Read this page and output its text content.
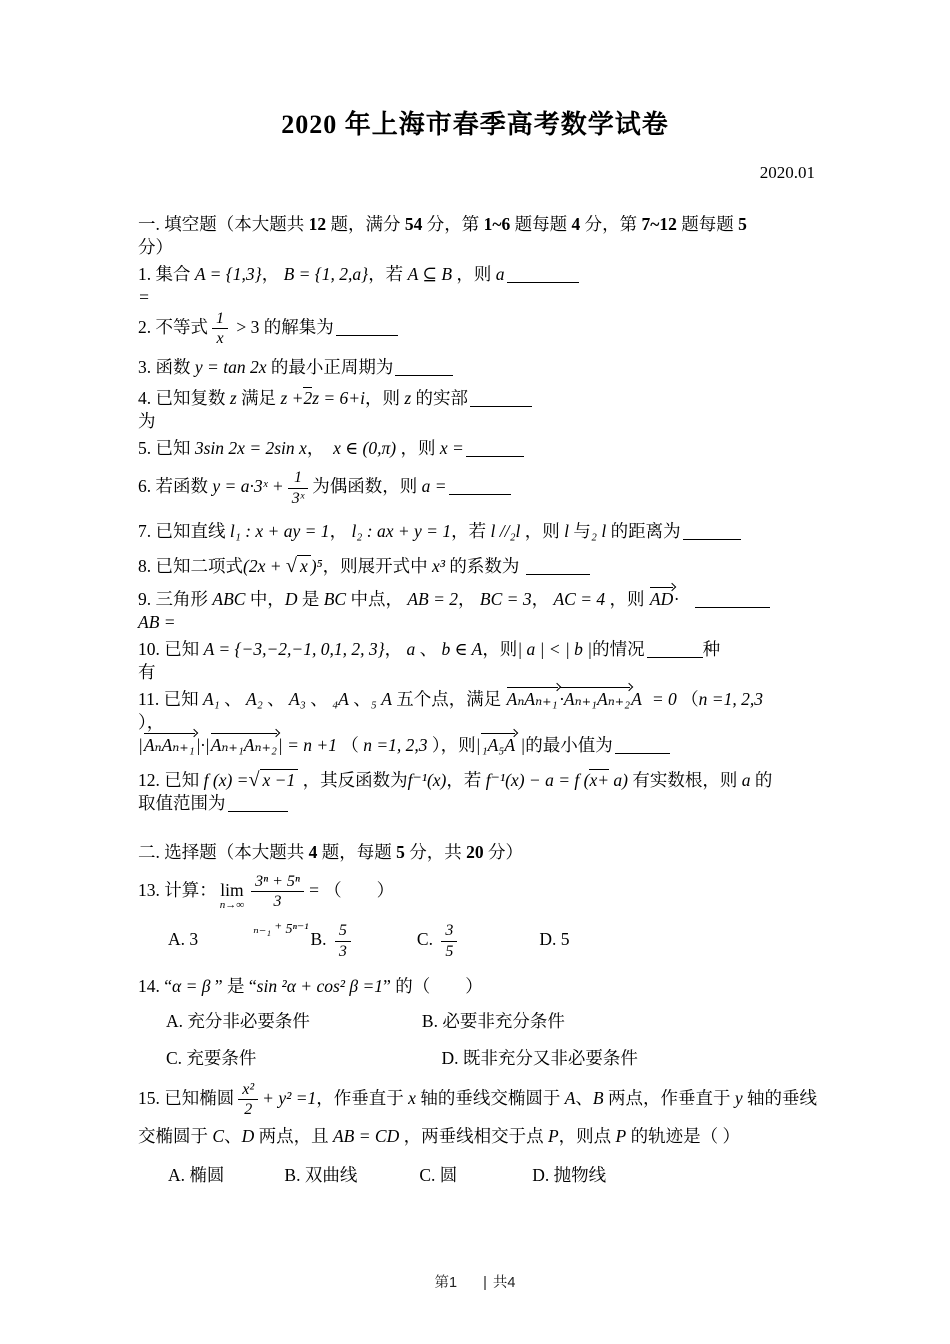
2020 年上海市春季高考数学试卷
2020.01
一. 填空题（本大题共 12 题，满分 54 分，第 1~6 题每题 4 分，第 7~12 题每题 5
分）
1. 集合 A = {1,3}， B = {1, 2,a}，若 A ⊆ B ，则 a
=
2. 不等式 $\frac{1}{x} > 3$ 的解集为
3. 函数 y = tan 2x 的最小正周期为
4. 已知复数 z 满足 z +2z = 6+i，则 z 的实部
为
5. 已知 3sin 2x = 2sin x，　x ∈ (0,π) ，则 x =
6. 若函数 y = a·3ˣ + $\frac{1}{\text{3ˣ}}$ 为偶函数，则 a =
7. 已知直线 l₁ : x + ay = 1， l₂ : ax + y = 1，若 l //₂l ，则 l 与₂ l 的距离为
8. 已知二项式(2x + √ x )⁵，则展开式中 x³ 的系数为
9. 三角形 ABC 中，D 是 BC 中点， AB = 2， BC = 3， AC = 4 ，则 AD·
AB =
10. 已知 A = {−3,−2,−1, 0,1, 2, 3}， a 、 b ∈ A，则| a | < | b |的情况	种
有
11. 已知 A₁ 、 A₂ 、 A₃ 、 ₄A 、₅ A 五个点，满足 AₙAₙ₊₁ ·Aₙ₊₁Aₙ₊₂A = 0 （n =1, 2,3
），
|AₙAₙ₊₁|·|Aₙ₊₁Aₙ₊₂| = n +1 （ n =1, 2,3 ），则|₁A₅A |的最小值为
12. 已知 f (x) =√ x −1 ，其反函数为f⁻¹(x)，若 f⁻¹(x) − a = f (x+ a) 有实数根，则 a 的
取值范围为
二. 选择题（本大题共 4 题，每题 5 分，共 20 分）
13. 计算： lim
$n\to\infty \frac{\text{3ⁿ + 5ⁿ}}{3}$ = （　　）
A. 3	$^{_{n-1} ^+ 5^{n-1}}$ B. $\frac{5}{3}$	C. $\frac{3}{5}$	D. 5
14. “α = β ” 是 “sin ²α + cos² β =1” 的（　　）
A. 充分非必要条件	B. 必要非充分条件
C. 充要条件	D. 既非充分又非必要条件
15. 已知椭圆 $\frac{\text{x²}}{2} + y^2 =1$，作垂直于 x 轴的垂线交椭圆于 A、B 两点，作垂直于 y 轴的垂线
交椭圆于 C、D 两点，且 AB = CD ，两垂线相交于点 P，则点 P 的轨迹是（ ）
A. 椭圆	B. 双曲线	C. 圆	D. 抛物线
第1 | 共4
